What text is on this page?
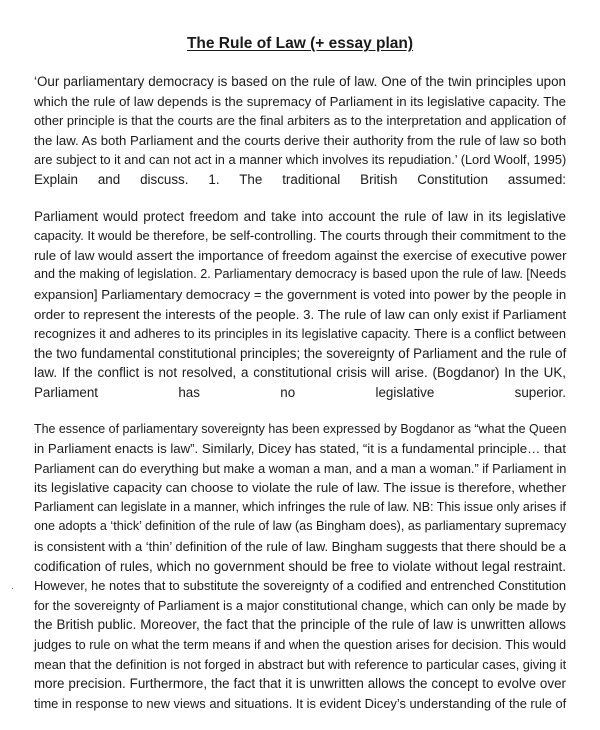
The Rule of Law (+ essay plan)
‘Our parliamentary democracy is based on the rule of law. One of the twin principles upon
which the rule of law depends is the supremacy of Parliament in its legislative capacity. The
other principle is that the courts are the final arbiters as to the interpretation and application of
the law. As both Parliament and the courts derive their authority from the rule of law so both
are subject to it and can not act in a manner which involves its repudiation.’ (Lord Woolf, 1995)
Explain and discuss. 1. The traditional British Constitution assumed:
Parliament would protect freedom and take into account the rule of law in its legislative
capacity. It would be therefore, be self-controlling. The courts through their commitment to the
rule of law would assert the importance of freedom against the exercise of executive power
and the making of legislation. 2. Parliamentary democracy is based upon the rule of law. [Needs
expansion] Parliamentary democracy = the government is voted into power by the people in
order to represent the interests of the people. 3. The rule of law can only exist if Parliament
recognizes it and adheres to its principles in its legislative capacity. There is a conflict between
the two fundamental constitutional principles; the sovereignty of Parliament and the rule of
law. If the conflict is not resolved, a constitutional crisis will arise. (Bogdanor) In the UK,
Parliament has no legislative superior.
The essence of parliamentary sovereignty has been expressed by Bogdanor as “what the Queen
in Parliament enacts is law”. Similarly, Dicey has stated, “it is a fundamental principle… that
Parliament can do everything but make a woman a man, and a man a woman.” if Parliament in
its legislative capacity can choose to violate the rule of law. The issue is therefore, whether
Parliament can legislate in a manner, which infringes the rule of law. NB: This issue only arises if
one adopts a ‘thick’ definition of the rule of law (as Bingham does), as parliamentary supremacy
is consistent with a ‘thin’ definition of the rule of law. Bingham suggests that there should be a
codification of rules, which no government should be free to violate without legal restraint.
However, he notes that to substitute the sovereignty of a codified and entrenched Constitution
for the sovereignty of Parliament is a major constitutional change, which can only be made by
the British public. Moreover, the fact that the principle of the rule of law is unwritten allows
judges to rule on what the term means if and when the question arises for decision. This would
mean that the definition is not forged in abstract but with reference to particular cases, giving it
more precision. Furthermore, the fact that it is unwritten allows the concept to evolve over
time in response to new views and situations. It is evident Dicey’s understanding of the rule of
.
